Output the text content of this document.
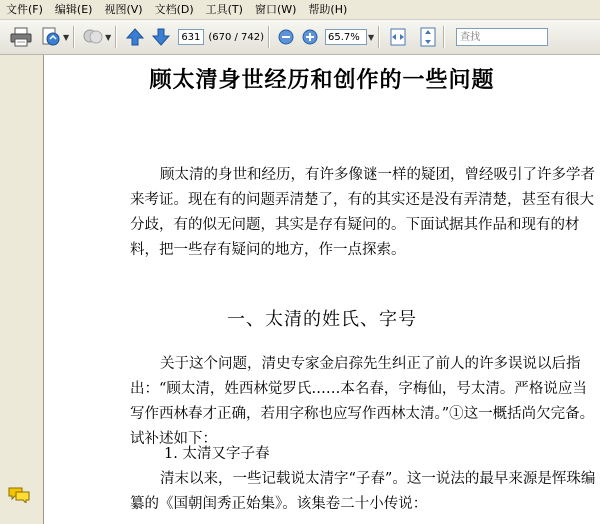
文件(F)	编辑(E)	视图(V)	文档(D)	工具(T)	窗口(W)	帮助(H)
▼	▼
631	(670 / 742)
65.7%	▼
查找
顾太清身世经历和创作的一些问题
顾太清的身世和经历，有许多像谜一样的疑团，曾经吸引了许多学者来考证。现在有的问题弄清楚了，有的其实还是没有弄清楚，甚至有很大分歧，有的似无问题，其实是存有疑问的。下面试据其作品和现有的材料，把一些存有疑问的地方，作一点探索。
一、太清的姓氏、字号
关于这个问题，清史专家金启孮先生纠正了前人的许多误说以后指出：“顾太清，姓西林觉罗氏……本名春，字梅仙，号太清。严格说应当写作西林春才正确，若用字称也应写作西林太清。”①这一概括尚欠完备。试补述如下：
1. 太清又字子春
清末以来，一些记载说太清字“子春”。这一说法的最早来源是恽珠编纂的《国朝闺秀正始集》。该集卷二十小传说：
